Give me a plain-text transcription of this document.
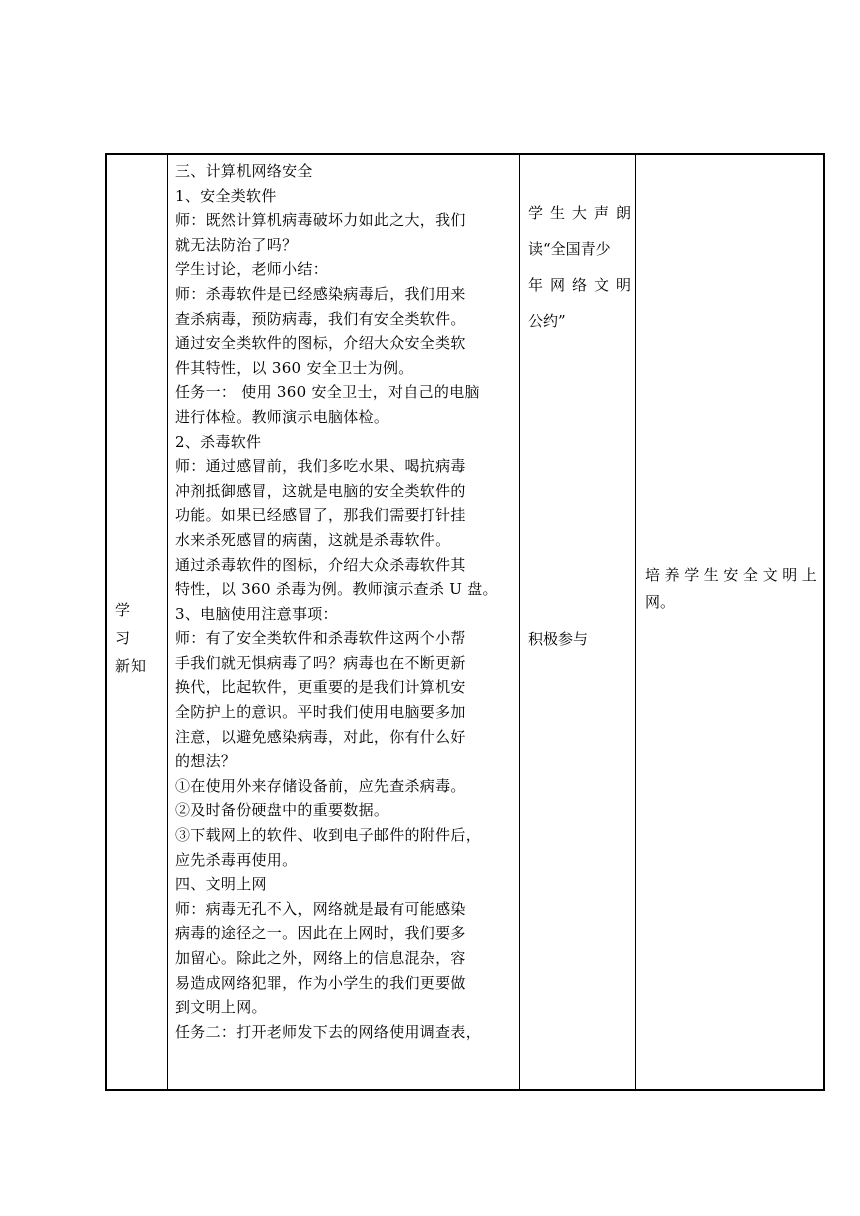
学 习
新知
三、计算机网络安全
1、安全类软件
师：既然计算机病毒破坏力如此之大，我们
就无法防治了吗？
学生讨论，老师小结：
师：杀毒软件是已经感染病毒后，我们用来
查杀病毒，预防病毒，我们有安全类软件。
通过安全类软件的图标，介绍大众安全类软
件其特性，以 360 安全卫士为例。
任务一： 使用 360 安全卫士，对自己的电脑
进行体检。教师演示电脑体检。
2、杀毒软件
师：通过感冒前，我们多吃水果、喝抗病毒
冲剂抵御感冒，这就是电脑的安全类软件的
功能。如果已经感冒了，那我们需要打针挂
水来杀死感冒的病菌，这就是杀毒软件。
通过杀毒软件的图标，介绍大众杀毒软件其
特性，以 360 杀毒为例。教师演示查杀 U 盘。
3、电脑使用注意事项：
师：有了安全类软件和杀毒软件这两个小帮
手我们就无惧病毒了吗？病毒也在不断更新
换代，比起软件，更重要的是我们计算机安
全防护上的意识。平时我们使用电脑要多加
注意，以避免感染病毒，对此，你有什么好
的想法？
①在使用外来存储设备前，应先查杀病毒。
②及时备份硬盘中的重要数据。
③下载网上的软件、收到电子邮件的附件后，
应先杀毒再使用。
四、文明上网
师：病毒无孔不入，网络就是最有可能感染
病毒的途径之一。因此在上网时，我们要多
加留心。除此之外，网络上的信息混杂，容
易造成网络犯罪，作为小学生的我们更要做
到文明上网。
任务二：打开老师发下去的网络使用调查表，
学生大声朗
读“全国青少
年网络文明
公约”
积极参与
培养学生安全文明上
网。
